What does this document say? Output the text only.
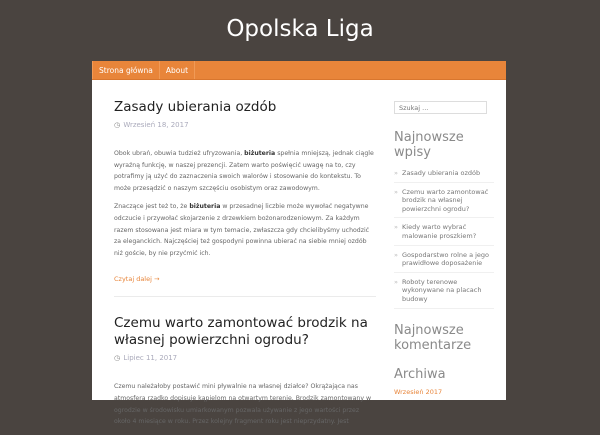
Opolska Liga
Strona główna	About
Zasady ubierania ozdób
◷ Wrzesień 18, 2017

Obok ubrań, obuwia tudzież ufryzowania, biżuteria spełnia mniejszą, jednak ciągle wyraźną funkcję, w naszej prezencji. Zatem warto poświęcić uwagę na to, czy potrafimy ją użyć do zaznaczenia swoich walorów i stosowanie do kontekstu. To może przesądzić o naszym szczęściu osobistym oraz zawodowym.

Znaczące jest też to, że biżuteria w przesadnej liczbie może wywołać negatywne odczucie i przywołać skojarzenie z drzewkiem bożonarodzeniowym. Za każdym razem stosowana jest miara w tym temacie, zwłaszcza gdy chcielibyśmy uchodzić za eleganckich. Najczęściej też gospodyni powinna ubierać na siebie mniej ozdób niż goście, by nie przyćmić ich.

Czytaj dalej →
Czemu warto zamontować brodzik na własnej powierzchni ogrodu?
◷ Lipiec 11, 2017

Czemu należałoby postawić mini pływalnie na własnej działce? Okrążająca nas atmosfera rzadko dopisuje kąpielom na otwartym terenie. Brodzik zamontowany w ogrodzie w środowisku umiarkowanym pozwala używanie z jego wartości przez około 4 miesiące w roku. Przez kolejny fragment roku jest nieprzydatny. Jest

Szukaj ...
Najnowsze wpisy
» Zasady ubierania ozdób
» Czemu warto zamontować brodzik na własnej powierzchni ogrodu?
» Kiedy warto wybrać malowanie proszkiem?
» Gospodarstwo rolne a jego prawidłowe doposażenie
» Roboty terenowe wykonywane na placach budowy
Najnowsze komentarze
Archiwa
Wrzesień 2017
